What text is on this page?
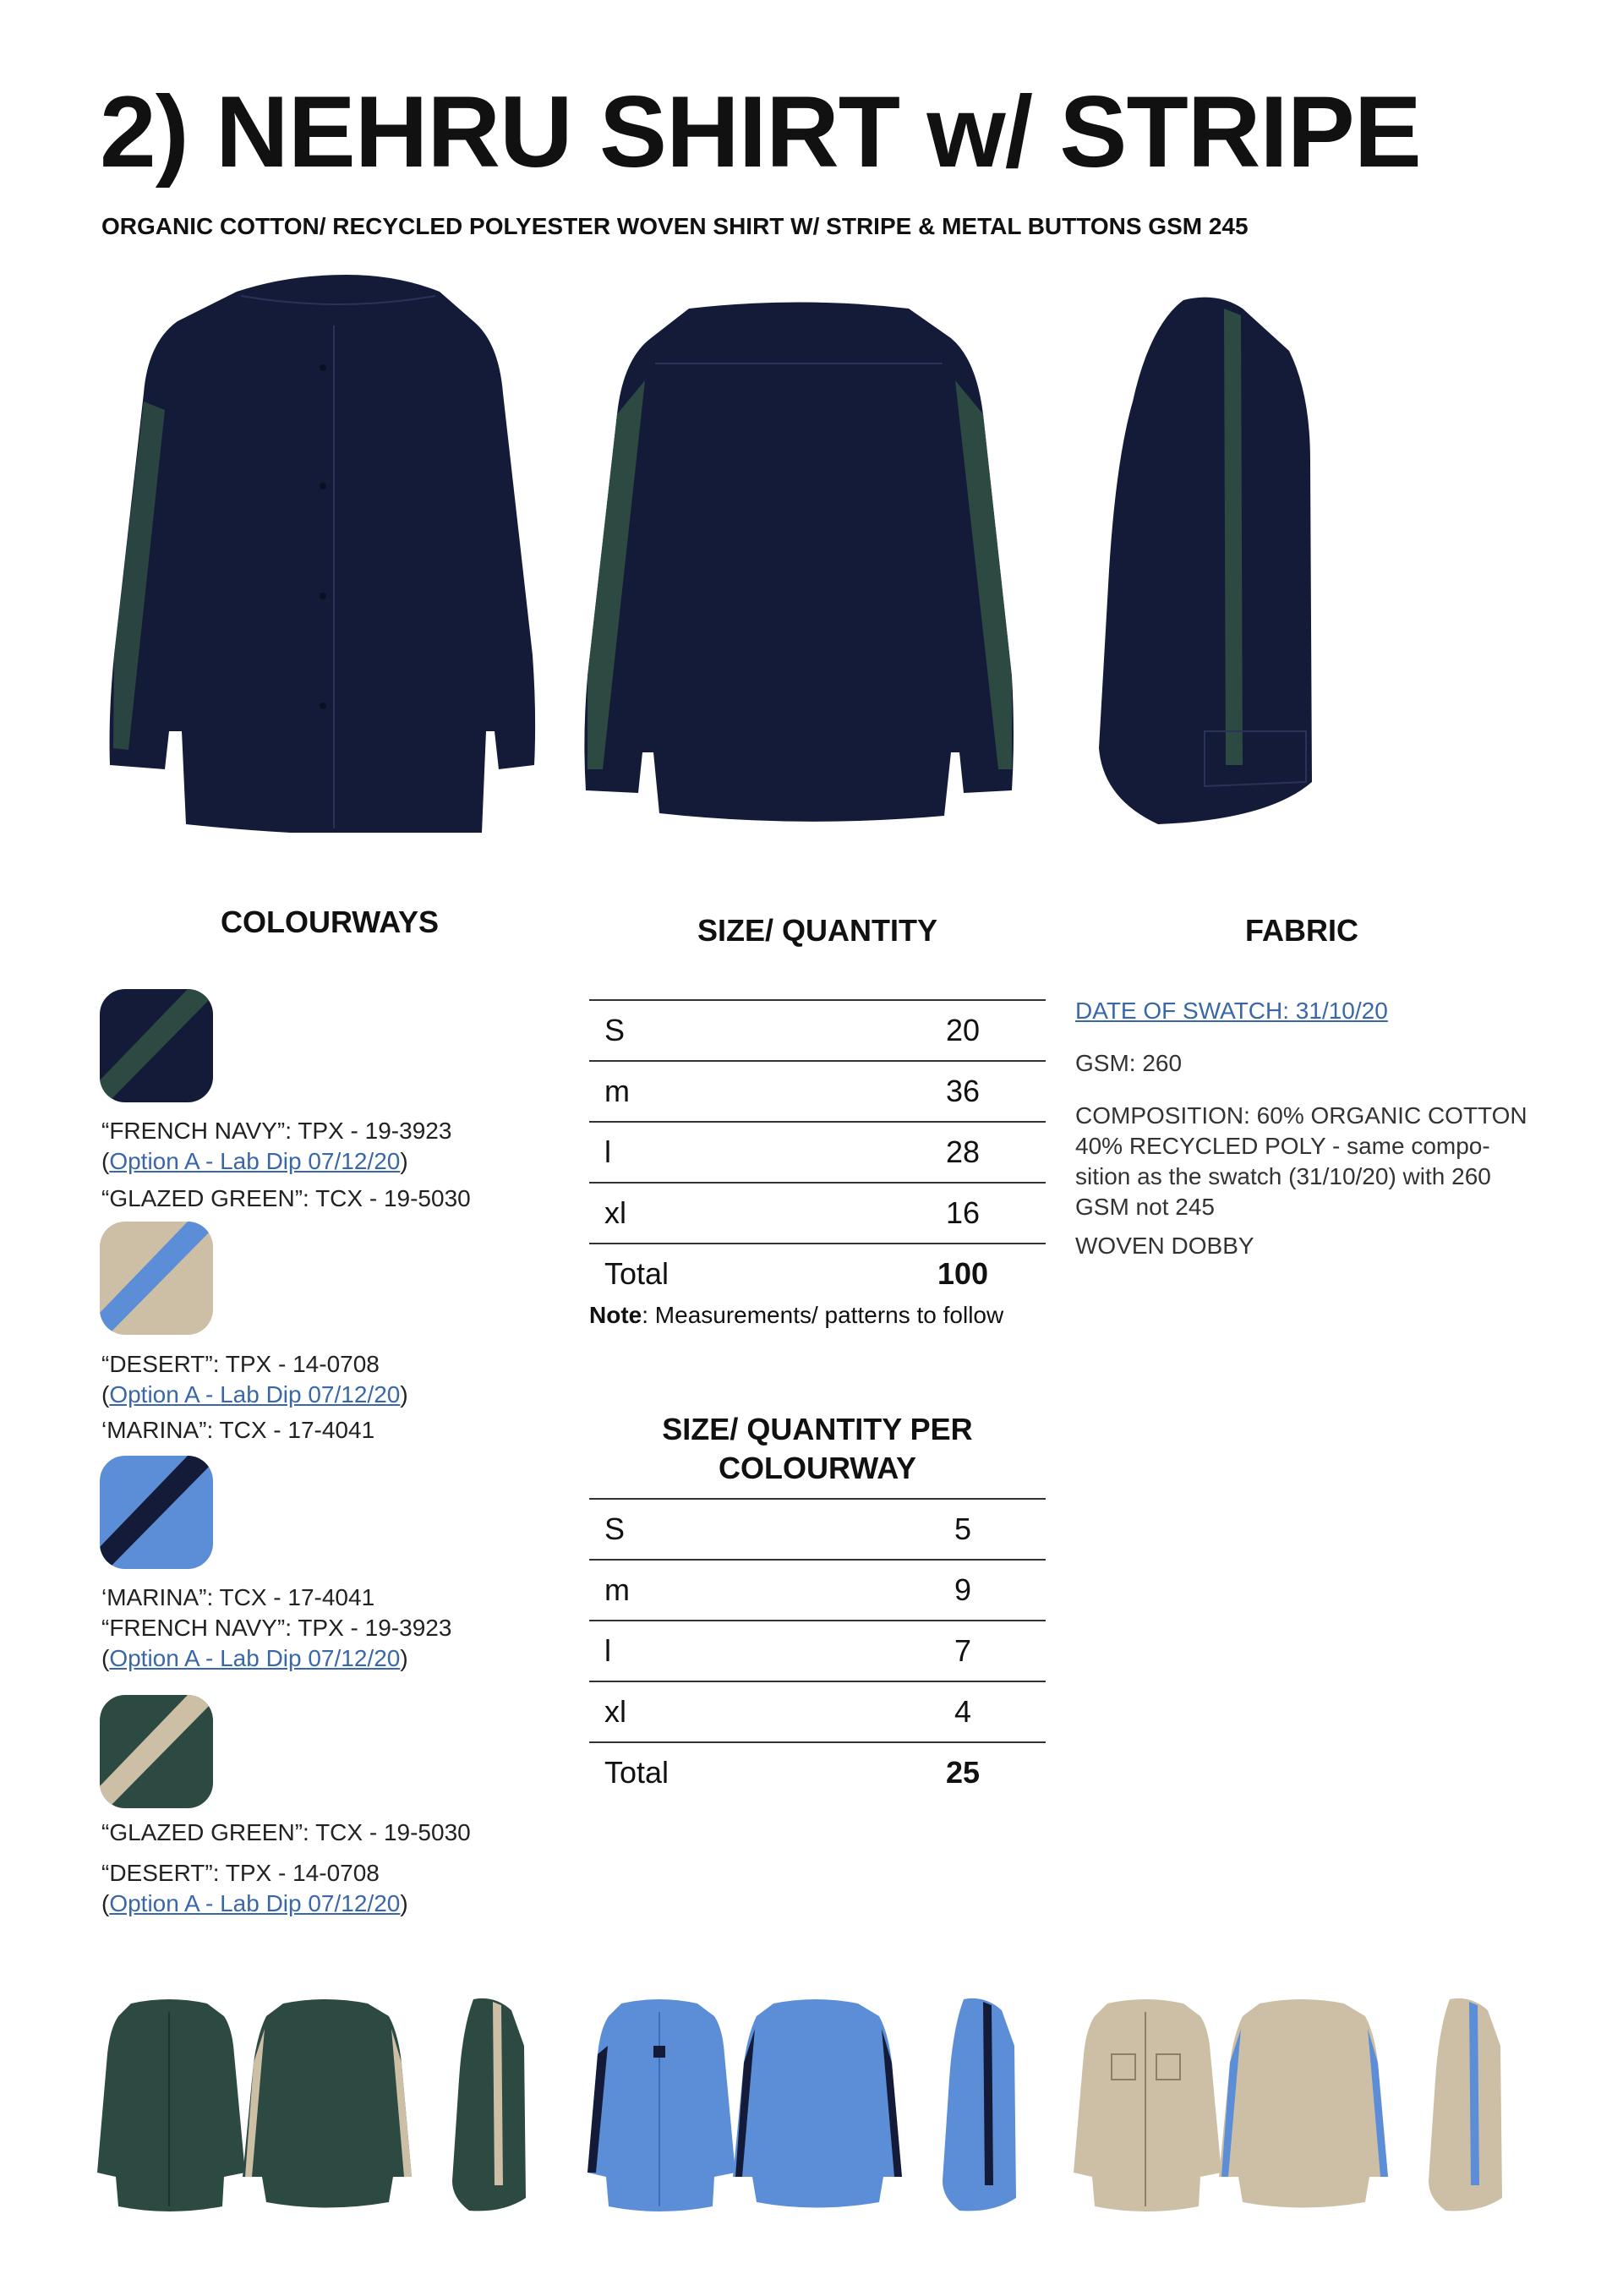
2) NEHRU SHIRT w/ STRIPE
ORGANIC COTTON/ RECYCLED POLYESTER WOVEN SHIRT W/ STRIPE & METAL BUTTONS GSM 245
COLOURWAYS
“FRENCH NAVY”: TPX - 19-3923
(Option A - Lab Dip 07/12/20)
“GLAZED GREEN”: TCX - 19-5030
“DESERT”: TPX - 14-0708
(Option A - Lab Dip 07/12/20)
‘MARINA”: TCX - 17-4041
‘MARINA”: TCX - 17-4041
“FRENCH NAVY”: TPX - 19-3923
(Option A - Lab Dip 07/12/20)
“GLAZED GREEN”: TCX - 19-5030
“DESERT”: TPX - 14-0708
(Option A - Lab Dip 07/12/20)
SIZE/ QUANTITY
S	20
m	36
l	28
xl	16
Total	100
Note: Measurements/ patterns to follow
SIZE/ QUANTITY PER
COLOURWAY
S	5
m	9
l	7
xl	4
Total	25
FABRIC
DATE OF SWATCH: 31/10/20
GSM: 260
COMPOSITION: 60% ORGANIC COTTON
40% RECYCLED POLY - same compo-
sition as the swatch (31/10/20) with 260
GSM not 245
WOVEN DOBBY
